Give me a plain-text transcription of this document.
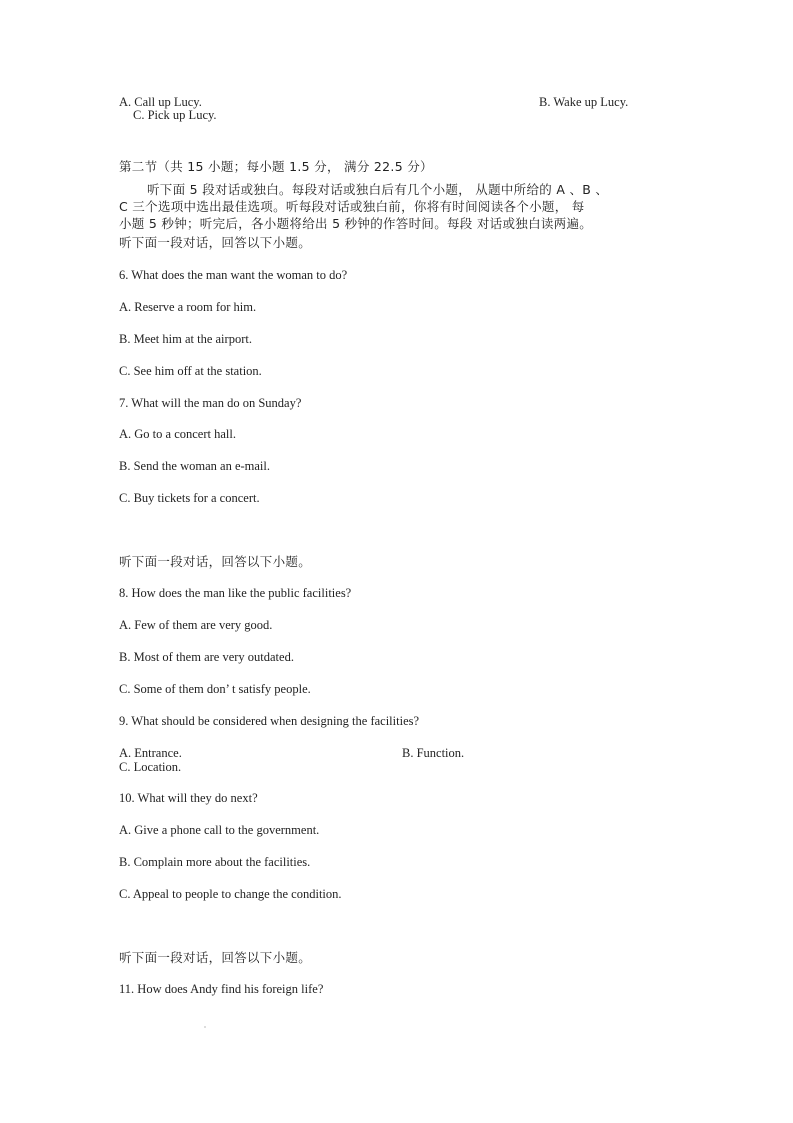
A. Call up Lucy.	B. Wake up Lucy.
C. Pick up Lucy.
第二节（共 15 小题；每小题 1.5 分， 满分 22.5 分）
听下面 5 段对话或独白。每段对话或独白后有几个小题， 从题中所给的 A 、B 、
C 三个选项中选出最佳选项。听每段对话或独白前，你将有时间阅读各个小题， 每
小题 5 秒钟；听完后，各小题将给出 5 秒钟的作答时间。每段 对话或独白读两遍。
听下面一段对话，回答以下小题。
6. What does the man want the woman to do?
A. Reserve a room for him.
B. Meet him at the airport.
C. See him off at the station.
7. What will the man do on Sunday?
A. Go to a concert hall.
B. Send the woman an e-mail.
C. Buy tickets for a concert.
听下面一段对话，回答以下小题。
8. How does the man like the public facilities?
A. Few of them are very good.
B. Most of them are very outdated.
C. Some of them don’ t satisfy people.
9. What should be considered when designing the facilities?
A. Entrance.	B. Function.
C. Location.
10. What will they do next?
A. Give a phone call to the government.
B. Complain more about the facilities.
C. Appeal to people to change the condition.
听下面一段对话，回答以下小题。
11. How does Andy find his foreign life?
